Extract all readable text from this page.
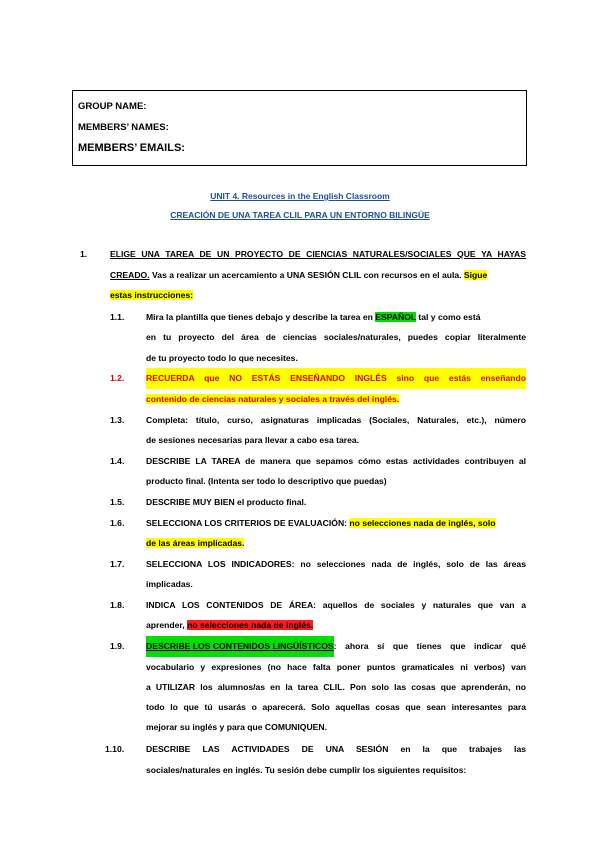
GROUP NAME:
MEMBERS’ NAMES:
MEMBERS’ EMAILS:
UNIT 4. Resources in the English Classroom
CREACIÓN DE UNA TAREA CLIL PARA UN ENTORNO BILINGÜE
1.	ELIGE UNA TAREA DE UN PROYECTO DE CIENCIAS NATURALES/SOCIALES QUE YA HAYAS
CREADO. Vas a realizar un acercamiento a UNA SESIÓN CLIL con recursos en el aula. Sigue
estas instrucciones:
1.1.	Mira la plantilla que tienes debajo y describe la tarea en ESPAÑOL tal y como está
en tu proyecto del área de ciencias sociales/naturales, puedes copiar literalmente
de tu proyecto todo lo que necesites.
1.2.	RECUERDA que NO ESTÁS ENSEÑANDO INGLÉS sino que estás enseñando
contenido de ciencias naturales y sociales a través del inglés.
1.3.	Completa: título, curso, asignaturas implicadas (Sociales, Naturales, etc.), número
de sesiones necesarias para llevar a cabo esa tarea.
1.4.	DESCRIBE LA TAREA de manera que sepamos cómo estas actividades contribuyen al
producto final. (Intenta ser todo lo descriptivo que puedas)
1.5.	DESCRIBE MUY BIEN el producto final.
1.6.	SELECCIONA LOS CRITERIOS DE EVALUACIÓN: no selecciones nada de inglés, solo
de las áreas implicadas.
1.7.	SELECCIONA LOS INDICADORES: no selecciones nada de inglés, solo de las áreas
implicadas.
1.8.	INDICA LOS CONTENIDOS DE ÁREA: aquellos de sociales y naturales que van a
aprender, no selecciones nada de inglés.
1.9.	DESCRIBE LOS CONTENIDOS LINGÜÍSTICOS : ahora sí que tienes que indicar qué
vocabulario y expresiones (no hace falta poner puntos gramaticales ni verbos) van
a UTILIZAR los alumnos/as en la tarea CLIL. Pon solo las cosas que aprenderán, no
todo lo que tú usarás o aparecerá. Solo aquellas cosas que sean interesantes para
mejorar su inglés y para que COMUNIQUEN.
1.10.	DESCRIBE LAS ACTIVIDADES DE UNA SESIÓN en la que trabajes las
sociales/naturales en inglés. Tu sesión debe cumplir los siguientes requisitos:
